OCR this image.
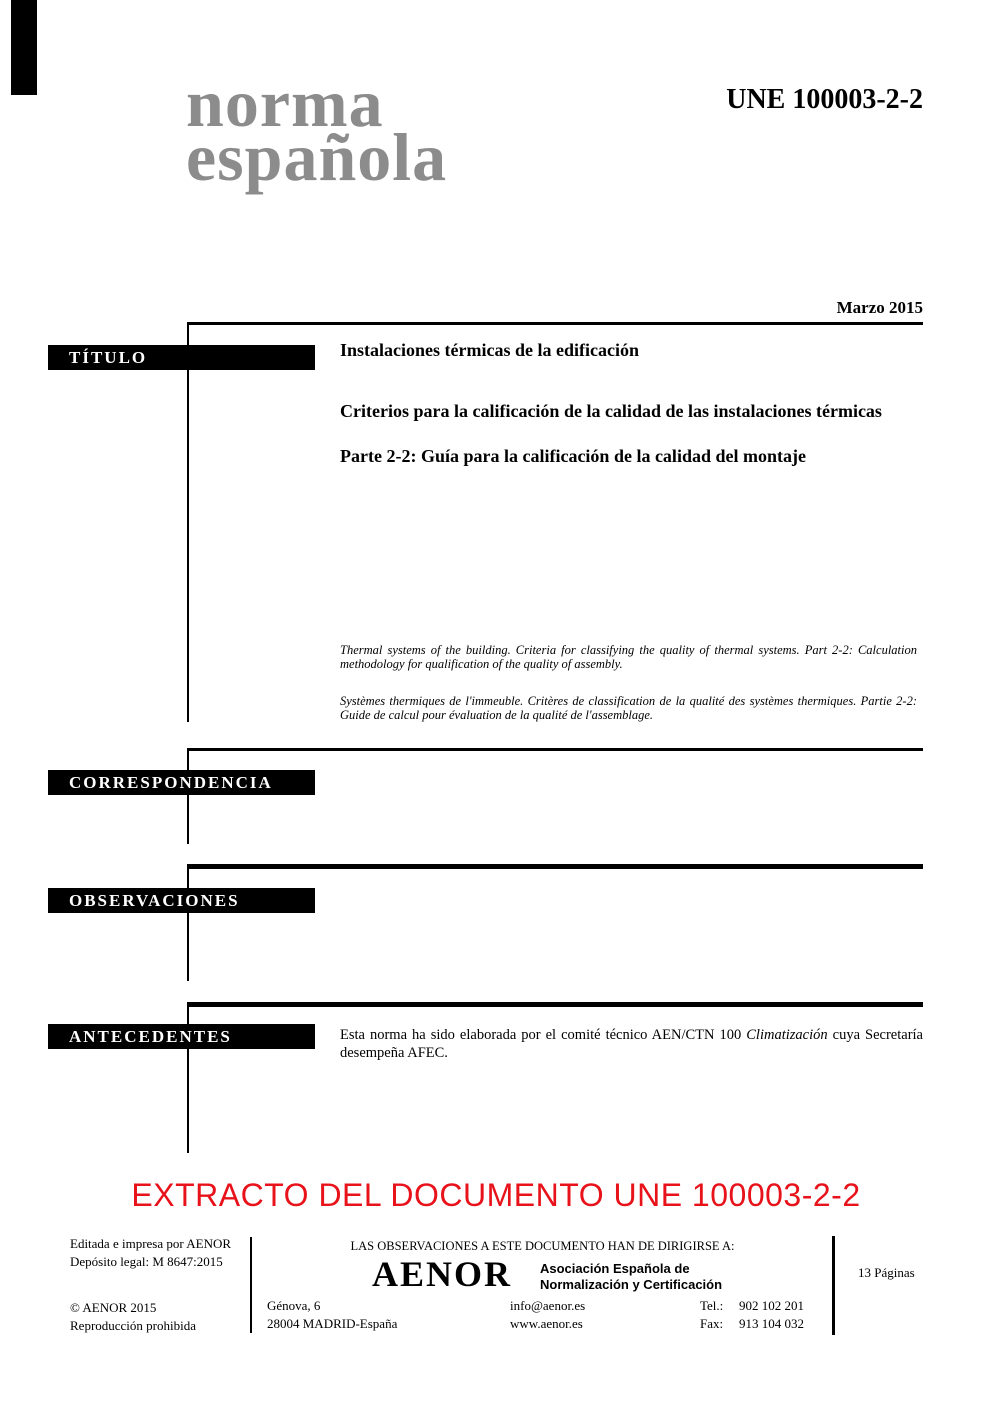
norma
española
UNE 100003-2-2
Marzo 2015
TÍTULO
CORRESPONDENCIA
OBSERVACIONES
ANTECEDENTES

Instalaciones térmicas de la edificación

Criterios para la calificación de la calidad de las instalaciones térmicas

Parte 2-2: Guía para la calificación de la calidad del montaje

Thermal systems of the building. Criteria for classifying the quality of thermal systems. Part 2-2: Calculation methodology for qualification of the quality of assembly.

Systèmes thermiques de l'immeuble. Critères de classification de la qualité des systèmes thermiques. Partie 2-2: Guide de calcul pour évaluation de la qualité de l'assemblage.

Esta norma ha sido elaborada por el comité técnico AEN/CTN 100 Climatización cuya Secretaría desempeña AFEC.
EXTRACTO DEL DOCUMENTO UNE 100003-2-2
Editada e impresa por AENOR
Depósito legal: M 8647:2015
© AENOR 2015
Reproducción prohibida
LAS OBSERVACIONES A ESTE DOCUMENTO HAN DE DIRIGIRSE A:
AENOR Asociación Española de
Normalización y Certificación
Génova, 6
28004 MADRID-España
info@aenor.es
www.aenor.es
Tel.:
Fax:
902 102 201
913 104 032
13 Páginas
